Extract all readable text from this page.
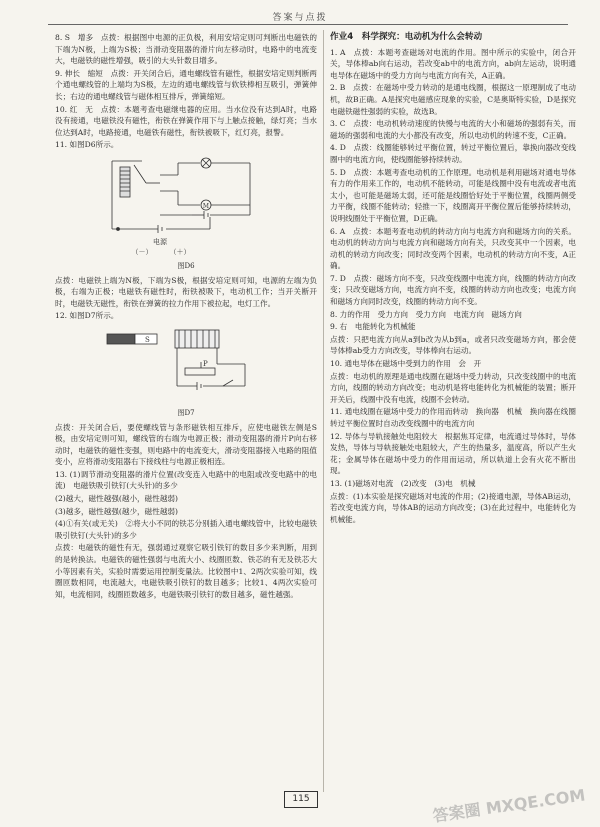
答案与点拨

8. S　增多　点拨：根据图中电源的正负极，利用安培定则可判断出电磁铁的下端为N极，上端为S极；当滑动变阻器的滑片向左移动时，电路中的电流变大，电磁铁的磁性增强，吸引的大头针数目增多。

9. 伸长　缩短　点拨：开关闭合后，通电螺线管有磁性，根据安培定则判断两个通电螺线管的上端均为S极，左边的通电螺线管与软铁棒相互吸引，弹簧伸长；右边的通电螺线管与磁体相互排斥，弹簧缩短。

10. 红　无　点拨：本题考查电磁继电器的应用。当水位没有达到A时，电路没有接通，电磁铁没有磁性，衔铁在弹簧作用下与上触点接触，绿灯亮；当水位达到A时，电路接通，电磁铁有磁性，衔铁被吸下，红灯亮，报警。

11. 如图D6所示。

M
电源
（－） （＋）
图D6

点拨：电磁铁上端为N极，下端为S极，根据安培定则可知，电源的左端为负极，右端为正极；电磁铁有磁性时，衔铁被吸下，电动机工作；当开关断开时，电磁铁无磁性，衔铁在弹簧的拉力作用下被拉起，电灯工作。

12. 如图D7所示。

S
P
图D7

点拨：开关闭合后，要使螺线管与条形磁铁相互排斥，应使电磁铁左侧是S极，由安培定则可知，螺线管的右端为电源正极；滑动变阻器的滑片P向右移动时，电磁铁的磁性变强，则电路中的电流变大，滑动变阻器接入电路的阻值变小，应将滑动变阻器右下接线柱与电源正极相连。

13. (1)调节滑动变阻器的滑片位置(改变连入电路中的电阻或改变电路中的电流)　电磁铁吸引铁钉(大头针)的多少

(2)越大，磁性越强(越小，磁性越弱)

(3)越多，磁性越强(越少，磁性越弱)

(4)①有关(或无关)　②将大小不同的铁芯分别插入通电螺线管中，比较电磁铁吸引铁钉(大头针)的多少

点拨：电磁铁的磁性有无，强弱通过观察它吸引铁钉的数目多少来判断，用到的是转换法。电磁铁的磁性强弱与电流大小、线圈匝数、铁芯的有无及铁芯大小等因素有关，实验时需要运用控制变量法。比较图中1、2两次实验可知，线圈匝数相同，电流越大，电磁铁吸引铁钉的数目越多；比较1、4两次实验可知，电流相同，线圈匝数越多，电磁铁吸引铁钉的数目越多，磁性越强。

作业4　科学探究：电动机为什么会转动

1. A　点拨：本题考查磁场对电流的作用。图中所示的实验中，闭合开关，导体棒ab向右运动，若改变ab中的电流方向，ab向左运动，说明通电导体在磁场中的受力方向与电流方向有关，A正确。

2. B　点拨：在磁场中受力转动的是通电线圈，根据这一原理制成了电动机，故B正确。A是探究电磁感应现象的实验，C是奥斯特实验，D是探究电磁铁磁性强弱的实验，故选B。

3. C　点拨：电动机转动速度的快慢与电流的大小和磁场的强弱有关，而磁场的强弱和电流的大小都没有改变，所以电动机的转速不变，C正确。

4. D　点拨：线圈能够转过平衡位置，转过平衡位置后，靠换向器改变线圈中的电流方向，使线圈能够持续转动。

5. D　点拨：本题考查电动机的工作原理。电动机是利用磁场对通电导体有力的作用来工作的，电动机不能转动，可能是线圈中没有电流或者电流太小，也可能是磁场太弱，还可能是线圈恰好处于平衡位置，线圈两侧受力平衡，线圈不能转动；轻推一下，线圈离开平衡位置后能够持续转动，说明线圈处于平衡位置，D正确。

6. A　点拨：本题考查电动机的转动方向与电流方向和磁场方向的关系。电动机的转动方向与电流方向和磁场方向有关，只改变其中一个因素，电动机的转动方向改变；同时改变两个因素，电动机的转动方向不变，A正确。

7. D　点拨：磁场方向不变，只改变线圈中电流方向，线圈的转动方向改变；只改变磁场方向，电流方向不变，线圈的转动方向也改变；电流方向和磁场方向同时改变，线圈的转动方向不变。

8. 力的作用　受力方向　受力方向　电流方向　磁场方向

9. 右　电能转化为机械能

点拨：只把电流方向从a到b改为从b到a，或者只改变磁场方向，都会使导体棒ab受力方向改变，导体棒向右运动。

10. 通电导体在磁场中受到力的作用　会　开

点拨：电动机的原理是通电线圈在磁场中受力转动，只改变线圈中的电流方向，线圈的转动方向改变；电动机是将电能转化为机械能的装置；断开开关后，线圈中没有电流，线圈不会转动。

11. 通电线圈在磁场中受力的作用而转动　换向器　机械　换向器在线圈转过平衡位置时自动改变线圈中的电流方向

12. 导体与导轨接触处电阻较大　根据焦耳定律，电流通过导体时，导体发热，导体与导轨接触处电阻较大，产生的热量多，温度高，所以产生火花；金属导体在磁场中受力的作用而运动，所以轨道上会有火花不断出现。

13. (1)磁场对电流　(2)改变　(3)电　机械

点拨：(1)本实验是探究磁场对电流的作用；(2)接通电源，导体AB运动，若改变电流方向，导体AB的运动方向改变；(3)在此过程中，电能转化为机械能。

115	答案圈 MXQE.COM
